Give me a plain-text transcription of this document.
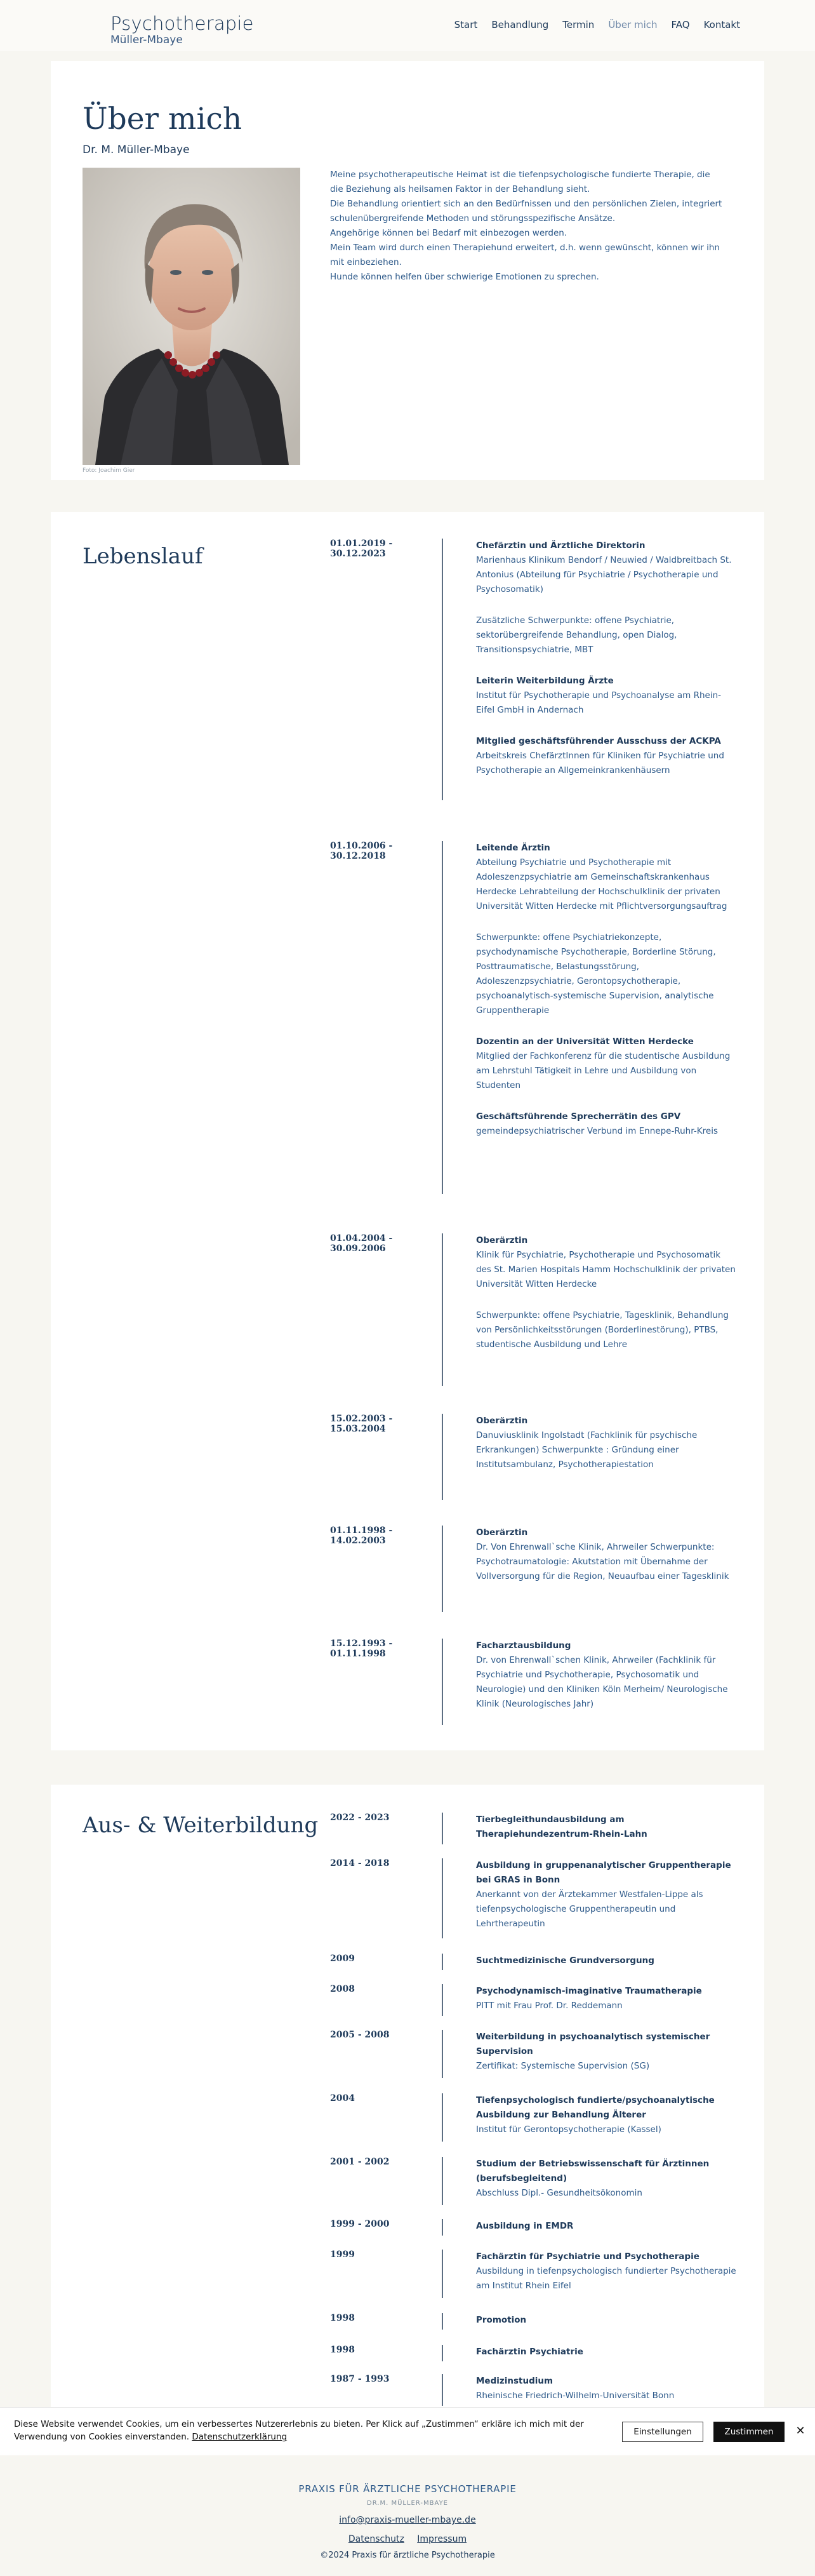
Psychotherapie
Müller-Mbaye
Start Behandlung Termin Über mich FAQ Kontakt
Über mich
Dr. M. Müller-Mbaye
Foto: Joachim Gier

Meine psychotherapeutische Heimat ist die tiefenpsychologische fundierte Therapie, die die Beziehung als heilsamen Faktor in der Behandlung sieht.

Die Behandlung orientiert sich an den Bedürfnissen und den persönlichen Zielen, integriert schulenübergreifende Methoden und störungsspezifische Ansätze.

Angehörige können bei Bedarf mit einbezogen werden.

Mein Team wird durch einen Therapiehund erweitert, d.h. wenn gewünscht, können wir ihn mit einbeziehen.

Hunde können helfen über schwierige Emotionen zu sprechen.

Lebenslauf	01.01.2019 - 30.12.2023
Chefärztin und Ärztliche Direktorin
Marienhaus Klinikum Bendorf / Neuwied / Waldbreitbach St. Antonius (Abteilung für Psychiatrie / Psychotherapie und Psychosomatik)
Zusätzliche Schwerpunkte: offene Psychiatrie, sektorübergreifende Behandlung, open Dialog, Transitionspsychiatrie, MBT
Leiterin Weiterbildung Ärzte
Institut für Psychotherapie und Psychoanalyse am Rhein-Eifel GmbH in Andernach
Mitglied geschäftsführender Ausschuss der ACKPA
Arbeitskreis ChefärztInnen für Kliniken für Psychiatrie und Psychotherapie an Allgemeinkrankenhäusern
01.10.2006 - 30.12.2018
Leitende Ärztin
Abteilung Psychiatrie und Psychotherapie mit Adoleszenzpsychiatrie am Gemeinschaftskrankenhaus Herdecke Lehrabteilung der Hochschulklinik der privaten Universität Witten Herdecke mit Pflichtversorgungsauftrag
Schwerpunkte: offene Psychiatriekonzepte, psychodynamische Psychotherapie, Borderline Störung, Posttraumatische, Belastungsstörung, Adoleszenzpsychiatrie, Gerontopsychotherapie, psychoanalytisch-systemische Supervision, analytische Gruppentherapie
Dozentin an der Universität Witten Herdecke
Mitglied der Fachkonferenz für die studentische Ausbildung am Lehrstuhl Tätigkeit in Lehre und Ausbildung von Studenten
Geschäftsführende Sprecherrätin des GPV
gemeindepsychiatrischer Verbund im Ennepe-Ruhr-Kreis
01.04.2004 - 30.09.2006
Oberärztin
Klinik für Psychiatrie, Psychotherapie und Psychosomatik des St. Marien Hospitals Hamm Hochschulklinik der privaten Universität Witten Herdecke
Schwerpunkte: offene Psychiatrie, Tagesklinik, Behandlung von Persönlichkeitsstörungen (Borderlinestörung), PTBS, studentische Ausbildung und Lehre
15.02.2003 - 15.03.2004
Oberärztin
Danuviusklinik Ingolstadt (Fachklinik für psychische Erkrankungen) Schwerpunkte : Gründung einer Institutsambulanz, Psychotherapiestation
01.11.1998 - 14.02.2003
Oberärztin
Dr. Von Ehrenwall`sche Klinik, Ahrweiler Schwerpunkte: Psychotraumatologie: Akutstation mit Übernahme der Vollversorgung für die Region, Neuaufbau einer Tagesklinik
15.12.1993 - 01.11.1998
Facharztausbildung
Dr. von Ehrenwall`schen Klinik, Ahrweiler (Fachklinik für Psychiatrie und Psychotherapie, Psychosomatik und Neurologie) und den Kliniken Köln Merheim/ Neurologische Klinik (Neurologisches Jahr)
Aus- & Weiterbildung 2022 - 2023	Tierbegleithundausbildung am Therapiehundezentrum-Rhein-Lahn
2014 - 2018	Ausbildung in gruppenanalytischer Gruppentherapie bei GRAS in Bonn
Anerkannt von der Ärztekammer Westfalen-Lippe als tiefenpsychologische Gruppentherapeutin und Lehrtherapeutin
2009	Suchtmedizinische Grundversorgung
2008	Psychodynamisch-imaginative Traumatherapie
PITT mit Frau Prof. Dr. Reddemann
2005 - 2008	Weiterbildung in psychoanalytisch systemischer Supervision
Zertifikat: Systemische Supervision (SG)
2004	Tiefenpsychologisch fundierte/psychoanalytische Ausbildung zur Behandlung Älterer
Institut für Gerontopsychotherapie (Kassel)
2001 - 2002	Studium der Betriebswissenschaft für Ärztinnen (berufsbegleitend)
Abschluss Dipl.- Gesundheitsökonomin
1999 - 2000	Ausbildung in EMDR
1999	Fachärztin für Psychiatrie und Psychotherapie
Ausbildung in tiefenpsychologisch fundierter Psychotherapie am Institut Rhein Eifel
1998	Promotion
1998	Fachärztin Psychiatrie
1987 - 1993	Medizinstudium
Rheinische Friedrich-Wilhelm-Universität Bonn
Diese Website verwendet Cookies, um ein verbessertes Nutzererlebnis zu bieten. Per Klick auf „Zustimmen“ erkläre ich mich mit der Verwendung von Cookies einverstanden. Datenschutzerklärung	Einstellungen	Zustimmen	✕
PRAXIS FÜR ÄRZTLICHE PSYCHOTHERAPIE
DR.M. MÜLLER-MBAYE
info@praxis-mueller-mbaye.de
Datenschutz Impressum
©2024 Praxis für ärztliche Psychotherapie
